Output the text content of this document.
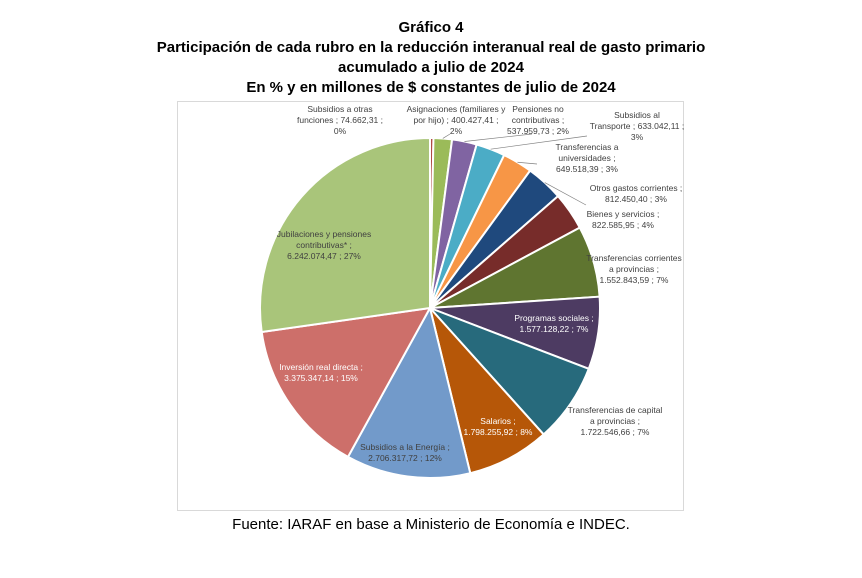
Gráfico 4
Participación de cada rubro en la reducción interanual real de gasto primario acumulado a julio de 2024
En % y en millones de $ constantes de julio de 2024
Subsidios a otras funciones ; 74.662,31 ; 0%
Asignaciones (familiares y por hijo) ; 400.427,41 ; 2%
Pensiones no contributivas ; 537.959,73 ; 2%
Subsidios al Transporte ; 633.042,11 ; 3%
Transferencias a universidades ; 649.518,39 ; 3%
Otros gastos corrientes ; 812.450,40 ; 3%
Bienes y servicios ; 822.585,95 ; 4%
Transferencias corrientes a provincias ; 1.552.843,59 ; 7%
Programas sociales ; 1.577.128,22 ; 7%
Transferencias de capital a provincias ; 1.722.546,66 ; 7%
Salarios ; 1.798.255,92 ; 8%
Subsidios a la Energía ; 2.706.317,72 ; 12%
Inversión real directa ; 3.375.347,14 ; 15%
Jubilaciones y pensiones contributivas* ; 6.242.074,47 ; 27%
Fuente: IARAF en base a Ministerio de Economía e INDEC.
